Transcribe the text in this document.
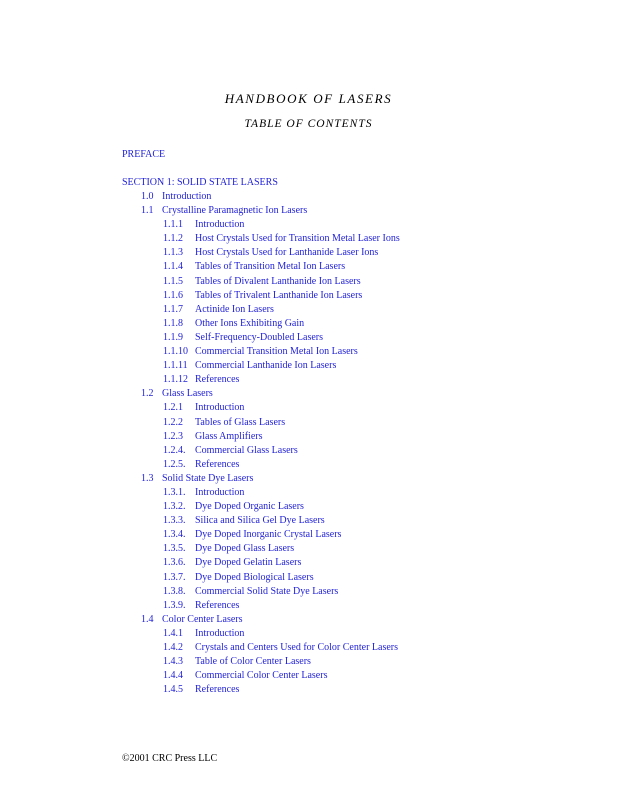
HANDBOOK OF LASERS
TABLE OF CONTENTS
PREFACE
SECTION 1: SOLID STATE LASERS
1.0 Introduction
1.1 Crystalline Paramagnetic Ion Lasers
1.1.1 Introduction
1.1.2 Host Crystals Used for Transition Metal Laser Ions
1.1.3 Host Crystals Used for Lanthanide Laser Ions
1.1.4 Tables of Transition Metal Ion Lasers
1.1.5 Tables of Divalent Lanthanide Ion Lasers
1.1.6 Tables of Trivalent Lanthanide Ion Lasers
1.1.7 Actinide Ion Lasers
1.1.8 Other Ions Exhibiting Gain
1.1.9 Self-Frequency-Doubled Lasers
1.1.10 Commercial Transition Metal Ion Lasers
1.1.11 Commercial Lanthanide Ion Lasers
1.1.12 References
1.2 Glass Lasers
1.2.1 Introduction
1.2.2 Tables of Glass Lasers
1.2.3 Glass Amplifiers
1.2.4. Commercial Glass Lasers
1.2.5. References
1.3 Solid State Dye Lasers
1.3.1. Introduction
1.3.2. Dye Doped Organic Lasers
1.3.3. Silica and Silica Gel Dye Lasers
1.3.4. Dye Doped Inorganic Crystal Lasers
1.3.5. Dye Doped Glass Lasers
1.3.6. Dye Doped Gelatin Lasers
1.3.7. Dye Doped Biological Lasers
1.3.8. Commercial Solid State Dye Lasers
1.3.9. References
1.4 Color Center Lasers
1.4.1 Introduction
1.4.2 Crystals and Centers Used for Color Center Lasers
1.4.3 Table of Color Center Lasers
1.4.4 Commercial Color Center Lasers
1.4.5 References
©2001 CRC Press LLC
